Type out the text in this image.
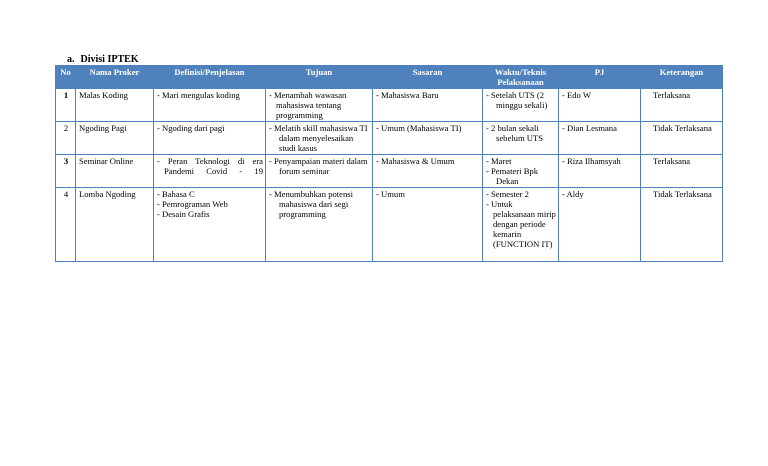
a. Divisi IPTEK
No	Nama Proker	Definisi/Penjelasan	Tujuan	Sasaran	Waktu/Teknis Pelaksanaan	PJ	Keterangan
1	Malas Koding	- Mari mengulas koding	- Menambah wawasan mahasiswa tentang programming	- Mahasiswa Baru	- Setelah UTS (2 minggu sekali)	- Edo W	Terlaksana
2	Ngoding Pagi	- Ngoding dari pagi	- Melatih skill mahasiswa TI dalam menyelesaikan studi kasus	- Umum (Mahasiswa TI)	- 2 bulan sekali sebelum UTS	- Dian Lesmana	Tidak Terlaksana
3	Seminar Online	- Peran Teknologi di era Pandemi Covid - 19	- Penyampaian materi dalam forum seminar	- Mahasiswa & Umum	- Maret
- Pemateri Bpk Dekan	- Riza Ilhamsyah	Terlaksana
4	Lomba Ngoding	- Bahasa C
- Pemrograman Web
- Desain Grafis	- Menumbuhkan potensi mahasiswa dari segi programming	- Umum	- Semester 2
- Untuk pelaksanaan mirip dengan periode kemarin (FUNCTION IT)	- Aldy	Tidak Terlaksana
